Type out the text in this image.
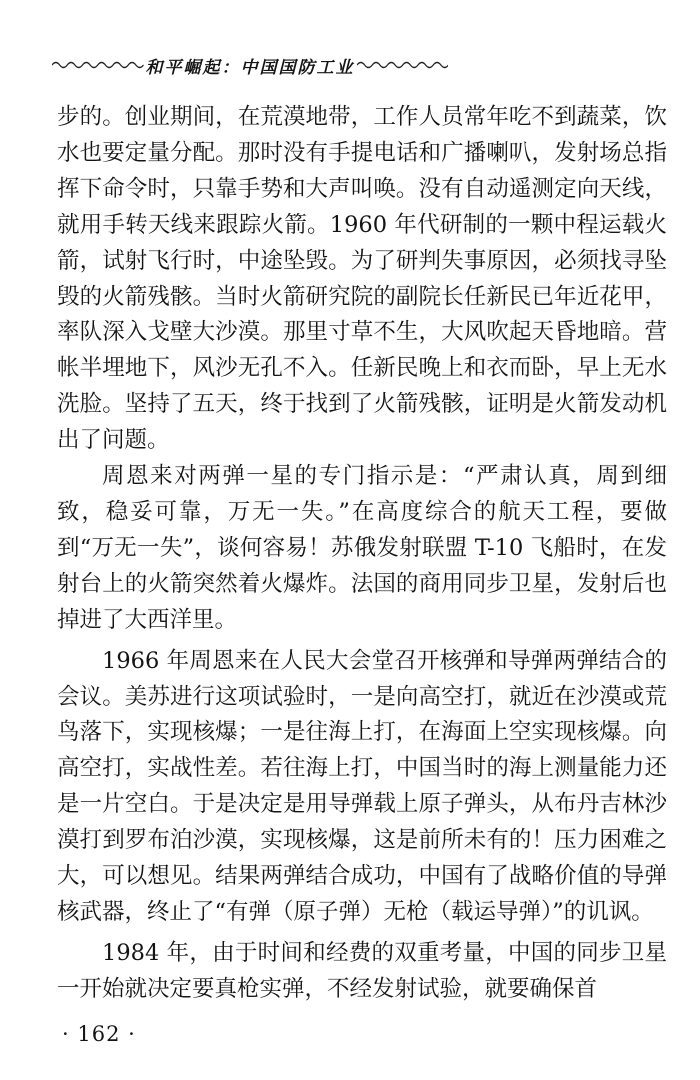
和平崛起：中国国防工业

步的。创业期间，在荒漠地带，工作人员常年吃不到蔬菜，饮水也要定量分配。那时没有手提电话和广播喇叭，发射场总指挥下命令时，只靠手势和大声叫唤。没有自动遥测定向天线，就用手转天线来跟踪火箭。1960 年代研制的一颗中程运载火箭，试射飞行时，中途坠毁。为了研判失事原因，必须找寻坠毁的火箭残骸。当时火箭研究院的副院长任新民已年近花甲，率队深入戈壁大沙漠。那里寸草不生，大风吹起天昏地暗。营帐半埋地下，风沙无孔不入。任新民晚上和衣而卧，早上无水洗脸。坚持了五天，终于找到了火箭残骸，证明是火箭发动机出了问题。

周恩来对两弹一星的专门指示是：“严肃认真，周到细致，稳妥可靠，万无一失。”在高度综合的航天工程，要做到“万无一失”，谈何容易！苏俄发射联盟 T-10 飞船时，在发射台上的火箭突然着火爆炸。法国的商用同步卫星，发射后也掉进了大西洋里。

1966 年周恩来在人民大会堂召开核弹和导弹两弹结合的会议。美苏进行这项试验时，一是向高空打，就近在沙漠或荒鸟落下，实现核爆；一是往海上打，在海面上空实现核爆。向高空打，实战性差。若往海上打，中国当时的海上测量能力还是一片空白。于是决定是用导弹载上原子弹头，从布丹吉林沙漠打到罗布泊沙漠，实现核爆，这是前所未有的！压力困难之大，可以想见。结果两弹结合成功，中国有了战略价值的导弹核武器，终止了“有弹（原子弹）无枪（载运导弹）”的讥讽。

1984 年，由于时间和经费的双重考量，中国的同步卫星一开始就决定要真枪实弹，不经发射试验，就要确保首

· 162 ·
